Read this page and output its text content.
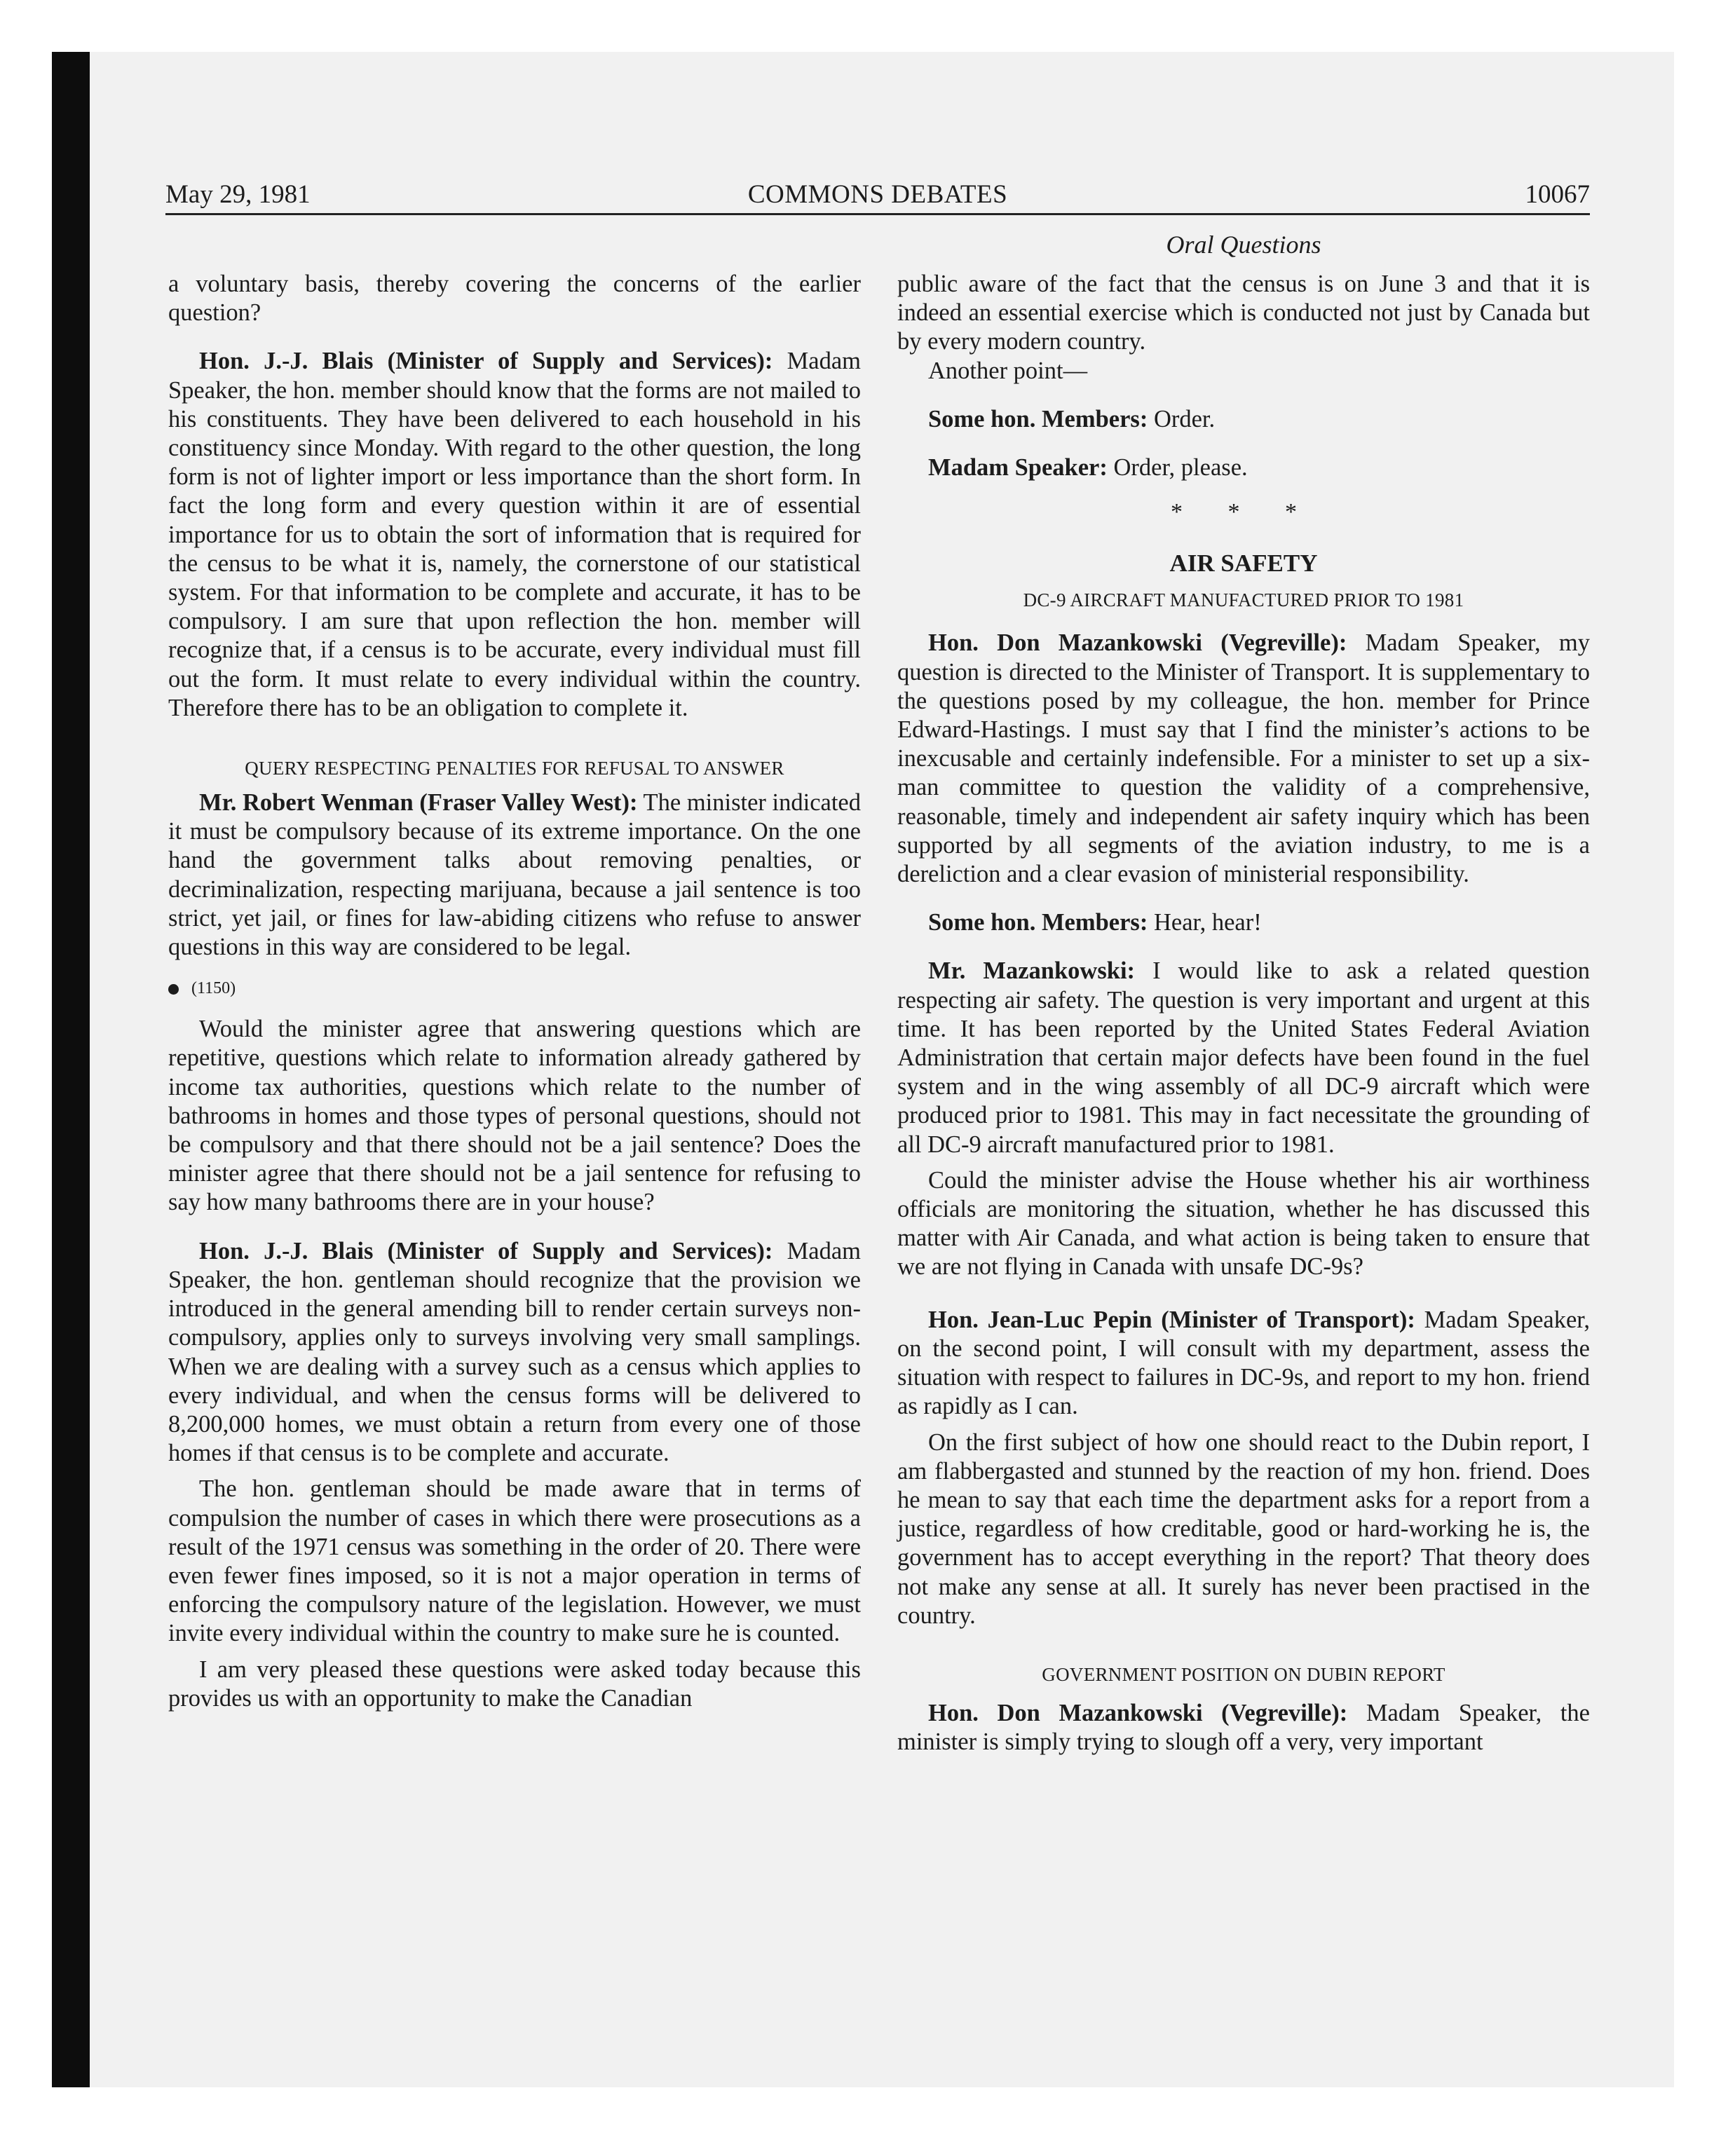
May 29, 1981	COMMONS DEBATES	10067
Oral Questions

a voluntary basis, thereby covering the concerns of the earlier question?

Hon. J.-J. Blais (Minister of Supply and Services): Madam Speaker, the hon. member should know that the forms are not mailed to his constituents. They have been delivered to each household in his constituency since Monday. With regard to the other question, the long form is not of lighter import or less importance than the short form. In fact the long form and every question within it are of essential importance for us to obtain the sort of information that is required for the census to be what it is, namely, the cornerstone of our statistical system. For that information to be complete and accurate, it has to be compulsory. I am sure that upon reflection the hon. member will recognize that, if a census is to be accurate, every individual must fill out the form. It must relate to every individual within the country. Therefore there has to be an obligation to complete it.

QUERY RESPECTING PENALTIES FOR REFUSAL TO ANSWER

Mr. Robert Wenman (Fraser Valley West): The minister indicated it must be compulsory because of its extreme importance. On the one hand the government talks about removing penalties, or decriminalization, respecting marijuana, because a jail sentence is too strict, yet jail, or fines for law-abiding citizens who refuse to answer questions in this way are considered to be legal.

(1150)

Would the minister agree that answering questions which are repetitive, questions which relate to information already gathered by income tax authorities, questions which relate to the number of bathrooms in homes and those types of personal questions, should not be compulsory and that there should not be a jail sentence? Does the minister agree that there should not be a jail sentence for refusing to say how many bathrooms there are in your house?

Hon. J.-J. Blais (Minister of Supply and Services): Madam Speaker, the hon. gentleman should recognize that the provision we introduced in the general amending bill to render certain surveys non-compulsory, applies only to surveys involving very small samplings. When we are dealing with a survey such as a census which applies to every individual, and when the census forms will be delivered to 8,200,000 homes, we must obtain a return from every one of those homes if that census is to be complete and accurate.

The hon. gentleman should be made aware that in terms of compulsion the number of cases in which there were prosecutions as a result of the 1971 census was something in the order of 20. There were even fewer fines imposed, so it is not a major operation in terms of enforcing the compulsory nature of the legislation. However, we must invite every individual within the country to make sure he is counted.

I am very pleased these questions were asked today because this provides us with an opportunity to make the Canadian

public aware of the fact that the census is on June 3 and that it is indeed an essential exercise which is conducted not just by Canada but by every modern country.

Another point—

Some hon. Members: Order.

Madam Speaker: Order, please.

* * *

AIR SAFETY

DC-9 AIRCRAFT MANUFACTURED PRIOR TO 1981

Hon. Don Mazankowski (Vegreville): Madam Speaker, my question is directed to the Minister of Transport. It is supplementary to the questions posed by my colleague, the hon. member for Prince Edward-Hastings. I must say that I find the minister’s actions to be inexcusable and certainly indefensible. For a minister to set up a six-man committee to question the validity of a comprehensive, reasonable, timely and independent air safety inquiry which has been supported by all segments of the aviation industry, to me is a dereliction and a clear evasion of ministerial responsibility.

Some hon. Members: Hear, hear!

Mr. Mazankowski: I would like to ask a related question respecting air safety. The question is very important and urgent at this time. It has been reported by the United States Federal Aviation Administration that certain major defects have been found in the fuel system and in the wing assembly of all DC-9 aircraft which were produced prior to 1981. This may in fact necessitate the grounding of all DC-9 aircraft manufactured prior to 1981.

Could the minister advise the House whether his air worthiness officials are monitoring the situation, whether he has discussed this matter with Air Canada, and what action is being taken to ensure that we are not flying in Canada with unsafe DC-9s?

Hon. Jean-Luc Pepin (Minister of Transport): Madam Speaker, on the second point, I will consult with my department, assess the situation with respect to failures in DC-9s, and report to my hon. friend as rapidly as I can.

On the first subject of how one should react to the Dubin report, I am flabbergasted and stunned by the reaction of my hon. friend. Does he mean to say that each time the department asks for a report from a justice, regardless of how creditable, good or hard-working he is, the government has to accept everything in the report? That theory does not make any sense at all. It surely has never been practised in the country.

GOVERNMENT POSITION ON DUBIN REPORT

Hon. Don Mazankowski (Vegreville): Madam Speaker, the minister is simply trying to slough off a very, very important
